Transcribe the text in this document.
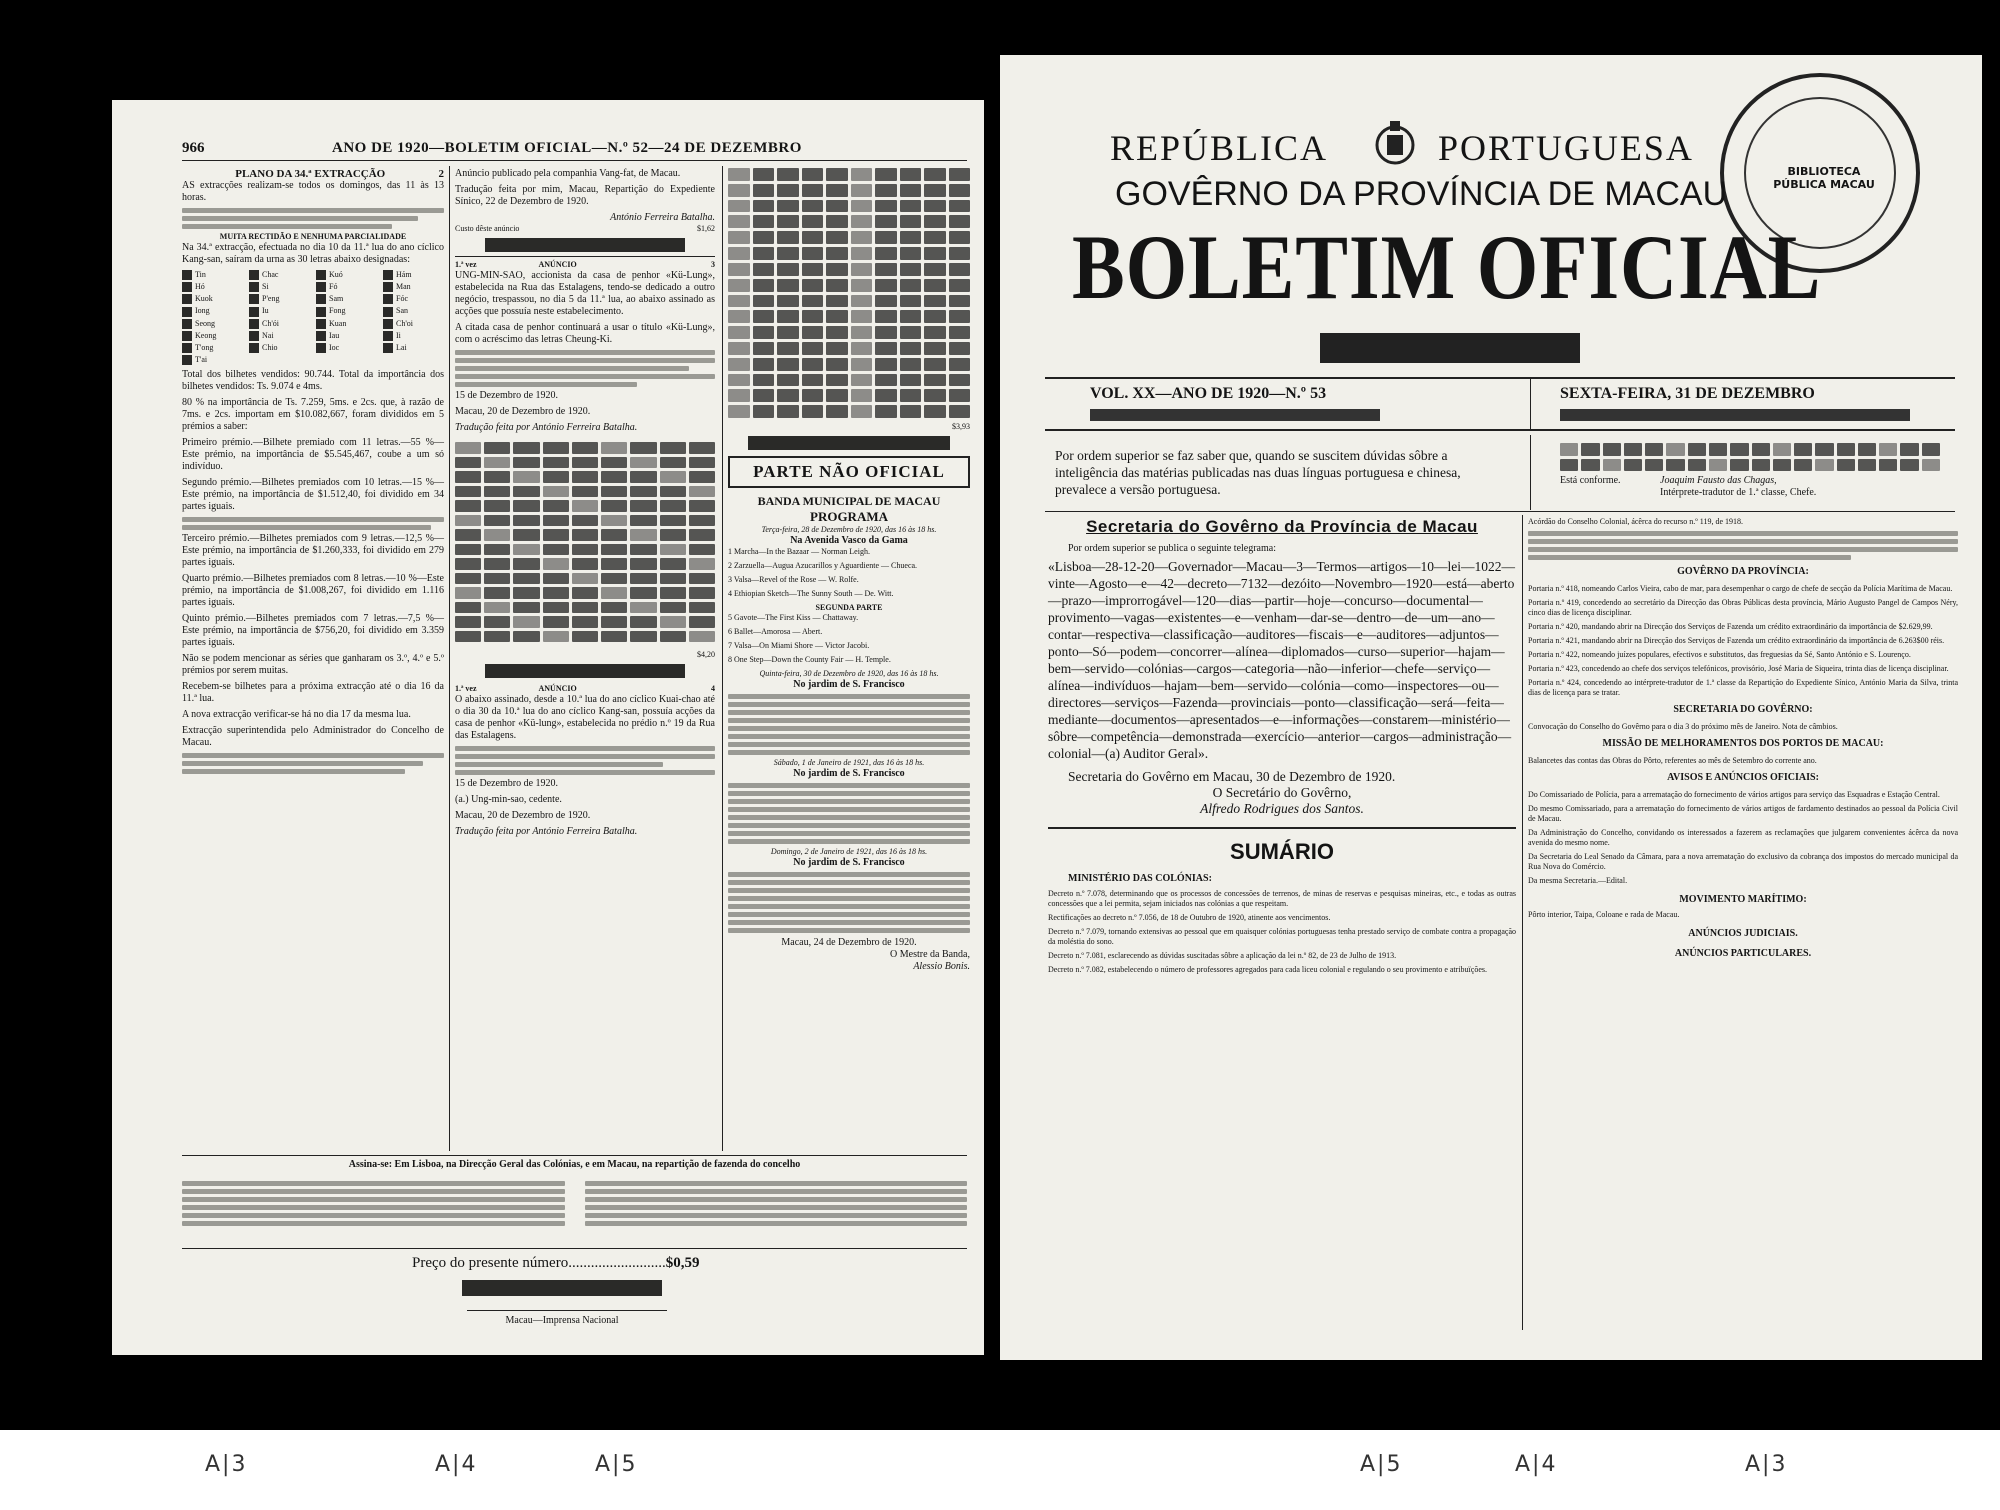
966	ANO DE 1920—BOLETIM OFICIAL—N.º 52—24 DE DEZEMBRO
PLANO DA 34.ª EXTRACÇÃO	2

AS extracções realizam-se todos os domingos, das 11 às 13 horas.

MUITA RECTIDÃO E NENHUMA PARCIALIDADE

Na 34.ª extracção, efectuada no dia 10 da 11.ª lua do ano cíclico Kang-san, saíram da urna as 30 letras abaixo designadas:

Tin	Chac	Kuó	Hám
Hó	Si	Fó	Man
Kuok	P'eng	Sam	Fóc
Iong	Iu	Fong	San
Seong	Ch'ói	Kuan	Ch'oi
Keong	Nai	Iau	Ii
T'ong	Chio	Ioc	Lai
T'ai

Total dos bilhetes vendidos: 90.744. Total da importância dos bilhetes vendidos: Ts. 9.074 e 4ms.

80 % na importância de Ts. 7.259, 5ms. e 2cs. que, à razão de 7ms. e 2cs. importam em $10.082,667, foram divididos em 5 prémios a saber:

Primeiro prémio.—Bilhete premiado com 11 letras.—55 %—Este prémio, na importância de $5.545,467, coube a um só indivíduo.

Segundo prémio.—Bilhetes premiados com 10 letras.—15 %—Este prémio, na importância de $1.512,40, foi dividido em 34 partes iguais.

Terceiro prémio.—Bilhetes premiados com 9 letras.—12,5 %—Este prémio, na importância de $1.260,333, foi dividido em 279 partes iguais.

Quarto prémio.—Bilhetes premiados com 8 letras.—10 %—Este prémio, na importância de $1.008,267, foi dividido em 1.116 partes iguais.

Quinto prémio.—Bilhetes premiados com 7 letras.—7,5 %—Este prémio, na importância de $756,20, foi dividido em 3.359 partes iguais.

Não se podem mencionar as séries que ganharam os 3.º, 4.º e 5.º prémios por serem muitas.

Recebem-se bilhetes para a próxima extracção até o dia 16 da 11.ª lua.

A nova extracção verificar-se há no dia 17 da mesma lua.

Extracção superintendida pelo Administrador do Concelho de Macau.

Anúncio publicado pela companhia Vang-fat, de Macau.

Tradução feita por mim, Macau, Repartição do Expediente Sínico, 22 de Dezembro de 1920.

António Ferreira Batalha.
Custo dêste anúncio	$1,62
1.ª vez	ANÚNCIO	3

UNG-MIN-SAO, accionista da casa de penhor «Kü-Lung», estabelecida na Rua das Estalagens, tendo-se dedicado a outro negócio, trespassou, no dia 5 da 11.ª lua, ao abaixo assinado as acções que possuía neste estabelecimento.

A citada casa de penhor continuará a usar o título «Kü-Lung», com o acréscimo das letras Cheung-Ki.

15 de Dezembro de 1920.

Macau, 20 de Dezembro de 1920.

Tradução feita por António Ferreira Batalha.

$4,20
1.ª vez	ANÚNCIO	4

O abaixo assinado, desde a 10.ª lua do ano cíclico Kuai-chao até o dia 30 da 10.ª lua do ano cíclico Kang-san, possuía acções da casa de penhor «Kü-lung», estabelecida no prédio n.º 19 da Rua das Estalagens.

15 de Dezembro de 1920.

(a.) Ung-min-sao, cedente.

Macau, 20 de Dezembro de 1920.

Tradução feita por António Ferreira Batalha.

$3,93
PARTE NÃO OFICIAL
BANDA MUNICIPAL DE MACAU
PROGRAMA
Terça-feira, 28 de Dezembro de 1920, das 16 às 18 hs.
Na Avenida Vasco da Gama

1 Marcha—In the Bazaar — Norman Leigh.

2 Zarzuella—Augua Azucarillos y Aguardiente — Chueca.

3 Valsa—Revel of the Rose — W. Rolfe.

4 Ethiopian Sketch—The Sunny South — De. Witt.

SEGUNDA PARTE

5 Gavote—The First Kiss — Chattaway.

6 Ballet—Amorosa — Abert.

7 Valsa—On Miami Shore — Victor Jacobi.

8 One Step—Down the County Fair — H. Temple.

Quinta-feira, 30 de Dezembro de 1920, das 16 às 18 hs.
No jardim de S. Francisco
Sábado, 1 de Janeiro de 1921, das 16 às 18 hs.
No jardim de S. Francisco
Domingo, 2 de Janeiro de 1921, das 16 às 18 hs.
No jardim de S. Francisco
Macau, 24 de Dezembro de 1920.
O Mestre da Banda,
Alessio Bonis.
Assina-se: Em Lisboa, na Direcção Geral das Colónias, e em Macau, na repartição de fazenda do concelho
Preço do presente número..........................$0,59
Macau—Imprensa Nacional
BIBLIOTECA PÚBLICA MACAU
REPÚBLICA	PORTUGUESA
GOVÊRNO DA PROVÍNCIA DE MACAU
BOLETIM OFICIAL
VOL. XX—ANO DE 1920—N.º 53	SEXTA-FEIRA, 31 DE DEZEMBRO
Por ordem superior se faz saber que, quando se suscitem dúvidas sôbre a inteligência das matérias publicadas nas duas línguas portuguesa e chinesa, prevalece a versão portuguesa.
Está conforme.	Joaquim Fausto das Chagas,
Intérprete-tradutor de 1.ª classe, Chefe.
Secretaria do Govêrno da Província de Macau
Por ordem superior se publica o seguinte telegrama:

«Lisboa—28-12-20—Governador—Macau—3—Termos—artigos—10—lei—1022—vinte—Agosto—e—42—decreto—7132—dezóito—Novembro—1920—está—aberto—prazo—improrrogável—120—dias—partir—hoje—concurso—documental—provimento—vagas—existentes—e—venham—dar-se—dentro—de—um—ano—contar—respectiva—classificação—auditores—fiscais—e—auditores—adjuntos—ponto—Só—podem—concorrer—alínea—diplomados—curso—superior—hajam—bem—servido—colónias—cargos—categoria—não—inferior—chefe—serviço—alínea—indivíduos—hajam—bem—servido—colónia—como—inspectores—ou—directores—serviços—Fazenda—provinciais—ponto—classificação—será—feita—mediante—documentos—apresentados—e—informações—constarem—ministério—sôbre—competência—demonstrada—exercício—anterior—cargos—administração—colonial—(a) Auditor Geral».

Secretaria do Govêrno em Macau, 30 de Dezembro de 1920.

O Secretário do Govêrno,
Alfredo Rodrigues dos Santos.
SUMÁRIO
MINISTÉRIO DAS COLÓNIAS:

Decreto n.º 7.078, determinando que os processos de concessões de terrenos, de minas de reservas e pesquisas mineiras, etc., e todas as outras concessões que a lei permita, sejam iniciados nas colónias a que respeitam.

Rectificações ao decreto n.º 7.056, de 18 de Outubro de 1920, atinente aos vencimentos.

Decreto n.º 7.079, tornando extensivas ao pessoal que em quaisquer colónias portuguesas tenha prestado serviço de combate contra a propagação da moléstia do sono.

Decreto n.º 7.081, esclarecendo as dúvidas suscitadas sôbre a aplicação da lei n.º 82, de 23 de Julho de 1913.

Decreto n.º 7.082, estabelecendo o número de professores agregados para cada liceu colonial e regulando o seu provimento e atribuïções.

Acórdão do Conselho Colonial, ácêrca do recurso n.º 119, de 1918.

GOVÊRNO DA PROVÍNCIA:

Portaria n.º 418, nomeando Carlos Vieira, cabo de mar, para desempenhar o cargo de chefe de secção da Polícia Marítima de Macau.

Portaria n.º 419, concedendo ao secretário da Direcção das Obras Públicas desta província, Mário Augusto Pangel de Campos Néry, cinco dias de licença disciplinar.

Portaria n.º 420, mandando abrir na Direcção dos Serviços de Fazenda um crédito extraordinário da importância de $2.629,99.

Portaria n.º 421, mandando abrir na Direcção dos Serviços de Fazenda um crédito extraordinário da importância de 6.263$00 réis.

Portaria n.º 422, nomeando juízes populares, efectivos e substitutos, das freguesias da Sé, Santo António e S. Lourenço.

Portaria n.º 423, concedendo ao chefe dos serviços telefónicos, provisório, José Maria de Siqueira, trinta dias de licença disciplinar.

Portaria n.º 424, concedendo ao intérprete-tradutor de 1.ª classe da Repartição do Expediente Sínico, António Maria da Silva, trinta dias de licença para se tratar.

SECRETARIA DO GOVÊRNO:

Convocação do Conselho do Govêrno para o dia 3 do próximo mês de Janeiro. Nota de câmbios.

MISSÃO DE MELHORAMENTOS DOS PORTOS DE MACAU:

Balancetes das contas das Obras do Pôrto, referentes ao mês de Setembro do corrente ano.

AVISOS E ANÚNCIOS OFICIAIS:

Do Comissariado de Polícia, para a arrematação do fornecimento de vários artigos para serviço das Esquadras e Estação Central.

Do mesmo Comissariado, para a arrematação do fornecimento de vários artigos de fardamento destinados ao pessoal da Polícia Civil de Macau.

Da Administração do Concelho, convidando os interessados a fazerem as reclamações que julgarem convenientes ácêrca da nova avenida do mesmo nome.

Da Secretaria do Leal Senado da Câmara, para a nova arrematação do exclusivo da cobrança dos impostos do mercado municipal da Rua Nova do Comércio.

Da mesma Secretaria.—Edital.

MOVIMENTO MARÍTIMO:

Pôrto interior, Taipa, Coloane e rada de Macau.

ANÚNCIOS JUDICIAIS.
ANÚNCIOS PARTICULARES.
A|3	A|4	A|5	A|5	A|4	A|3
